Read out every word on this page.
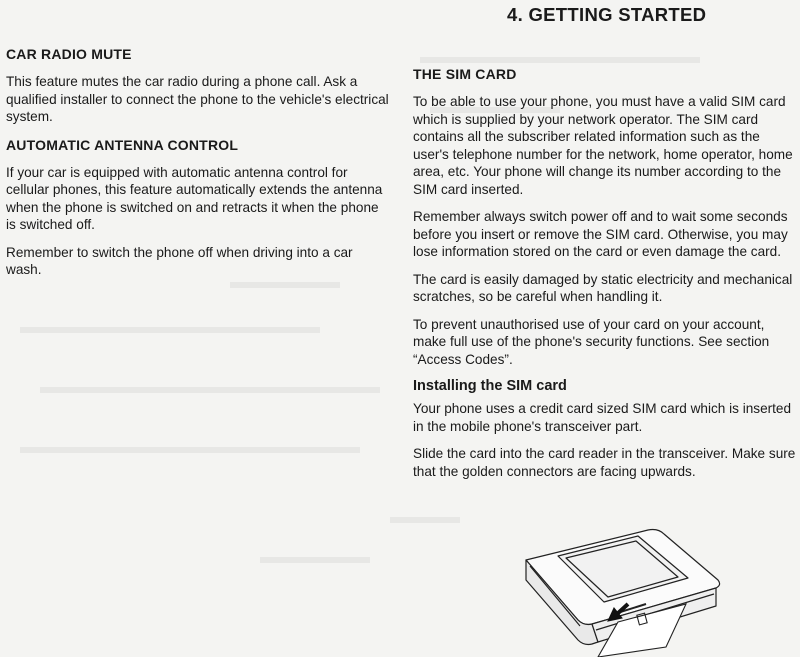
4. GETTING STARTED
CAR RADIO MUTE

This feature mutes the car radio during a phone call. Ask a qualified installer to connect the phone to the vehicle's electrical system.

AUTOMATIC ANTENNA CONTROL

If your car is equipped with automatic antenna control for cellular phones, this feature automatically extends the antenna when the phone is switched on and retracts it when the phone is switched off.

Remember to switch the phone off when driving into a car wash.

THE SIM CARD

To be able to use your phone, you must have a valid SIM card which is supplied by your network operator. The SIM card contains all the subscriber related information such as the user's telephone number for the network, home operator, home area, etc. Your phone will change its number according to the SIM card inserted.

Remember always switch power off and to wait some seconds before you insert or remove the SIM card. Otherwise, you may lose information stored on the card or even damage the card.

The card is easily damaged by static electricity and mechanical scratches, so be careful when handling it.

To prevent unauthorised use of your card on your account, make full use of the phone's security functions. See section “Access Codes”.

Installing the SIM card

Your phone uses a credit card sized SIM card which is inserted in the mobile phone's transceiver part.

Slide the card into the card reader in the transceiver. Make sure that the golden connectors are facing upwards.
